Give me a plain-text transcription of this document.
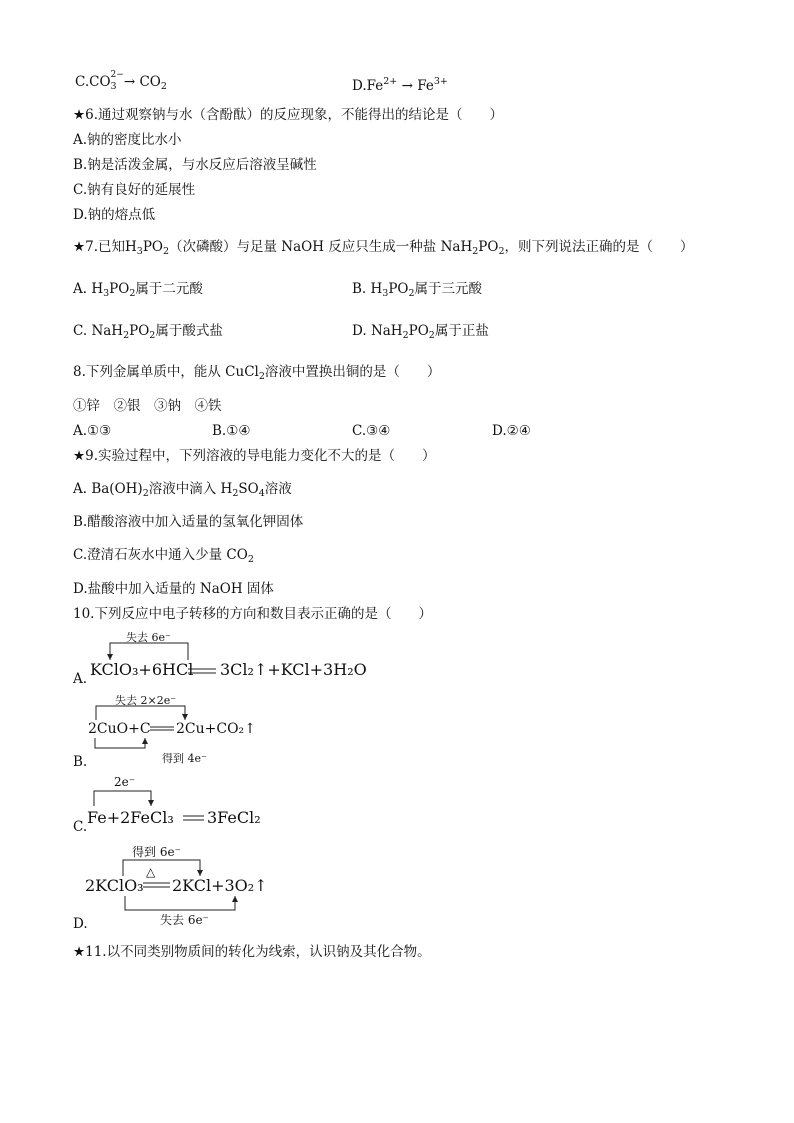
C.CO 2−
$3 \to CO_2$	$D.Fe^{2+} \to Fe^{3+}$
★6.通过观察钠与水（含酚酞）的反应现象，不能得出的结论是（　　）
A.钠的密度比水小
B.钠是活泼金属，与水反应后溶液呈碱性
C.钠有良好的延展性
D.钠的熔点低
★7.已知$H_3PO_2$（次磷酸）与足量 NaOH 反应只生成一种盐 $NaH_2PO_2$，则下列说法正确的是（　　）
A. $H_3PO_2$属于二元酸	B. $H_3PO_2$属于三元酸
C. $NaH_2PO_2$属于酸式盐	D. $NaH_2PO_2$属于正盐
8.下列金属单质中，能从 CuCl$_2$溶液中置换出铜的是（　　）
①锌　②银　③钠　④铁
A.①③	B.①④	C.③④	D.②④
★9.实验过程中，下列溶液的导电能力变化不大的是（　　）
A. $Ba(OH)_2$溶液中滴入 $H_2SO_4$溶液
B.醋酸溶液中加入适量的氢氧化钾固体
C.澄清石灰水中通入少量 $CO_2$
D.盐酸中加入适量的 NaOH 固体
10.下列反应中电子转移的方向和数目表示正确的是（　　）
A.
失去 6e⁻
KClO₃+6HCl 3Cl₂↑+KCl+3H₂O
B.
失去 2×2e⁻
2CuO+C 2Cu+CO₂↑
得到 4e⁻
C.
2e⁻
Fe+2FeCl₃ 3FeCl₂
D.
得到 6e⁻
△
2KClO₃ 2KCl+3O₂↑
失去 6e⁻
★11.以不同类别物质间的转化为线索，认识钠及其化合物。
